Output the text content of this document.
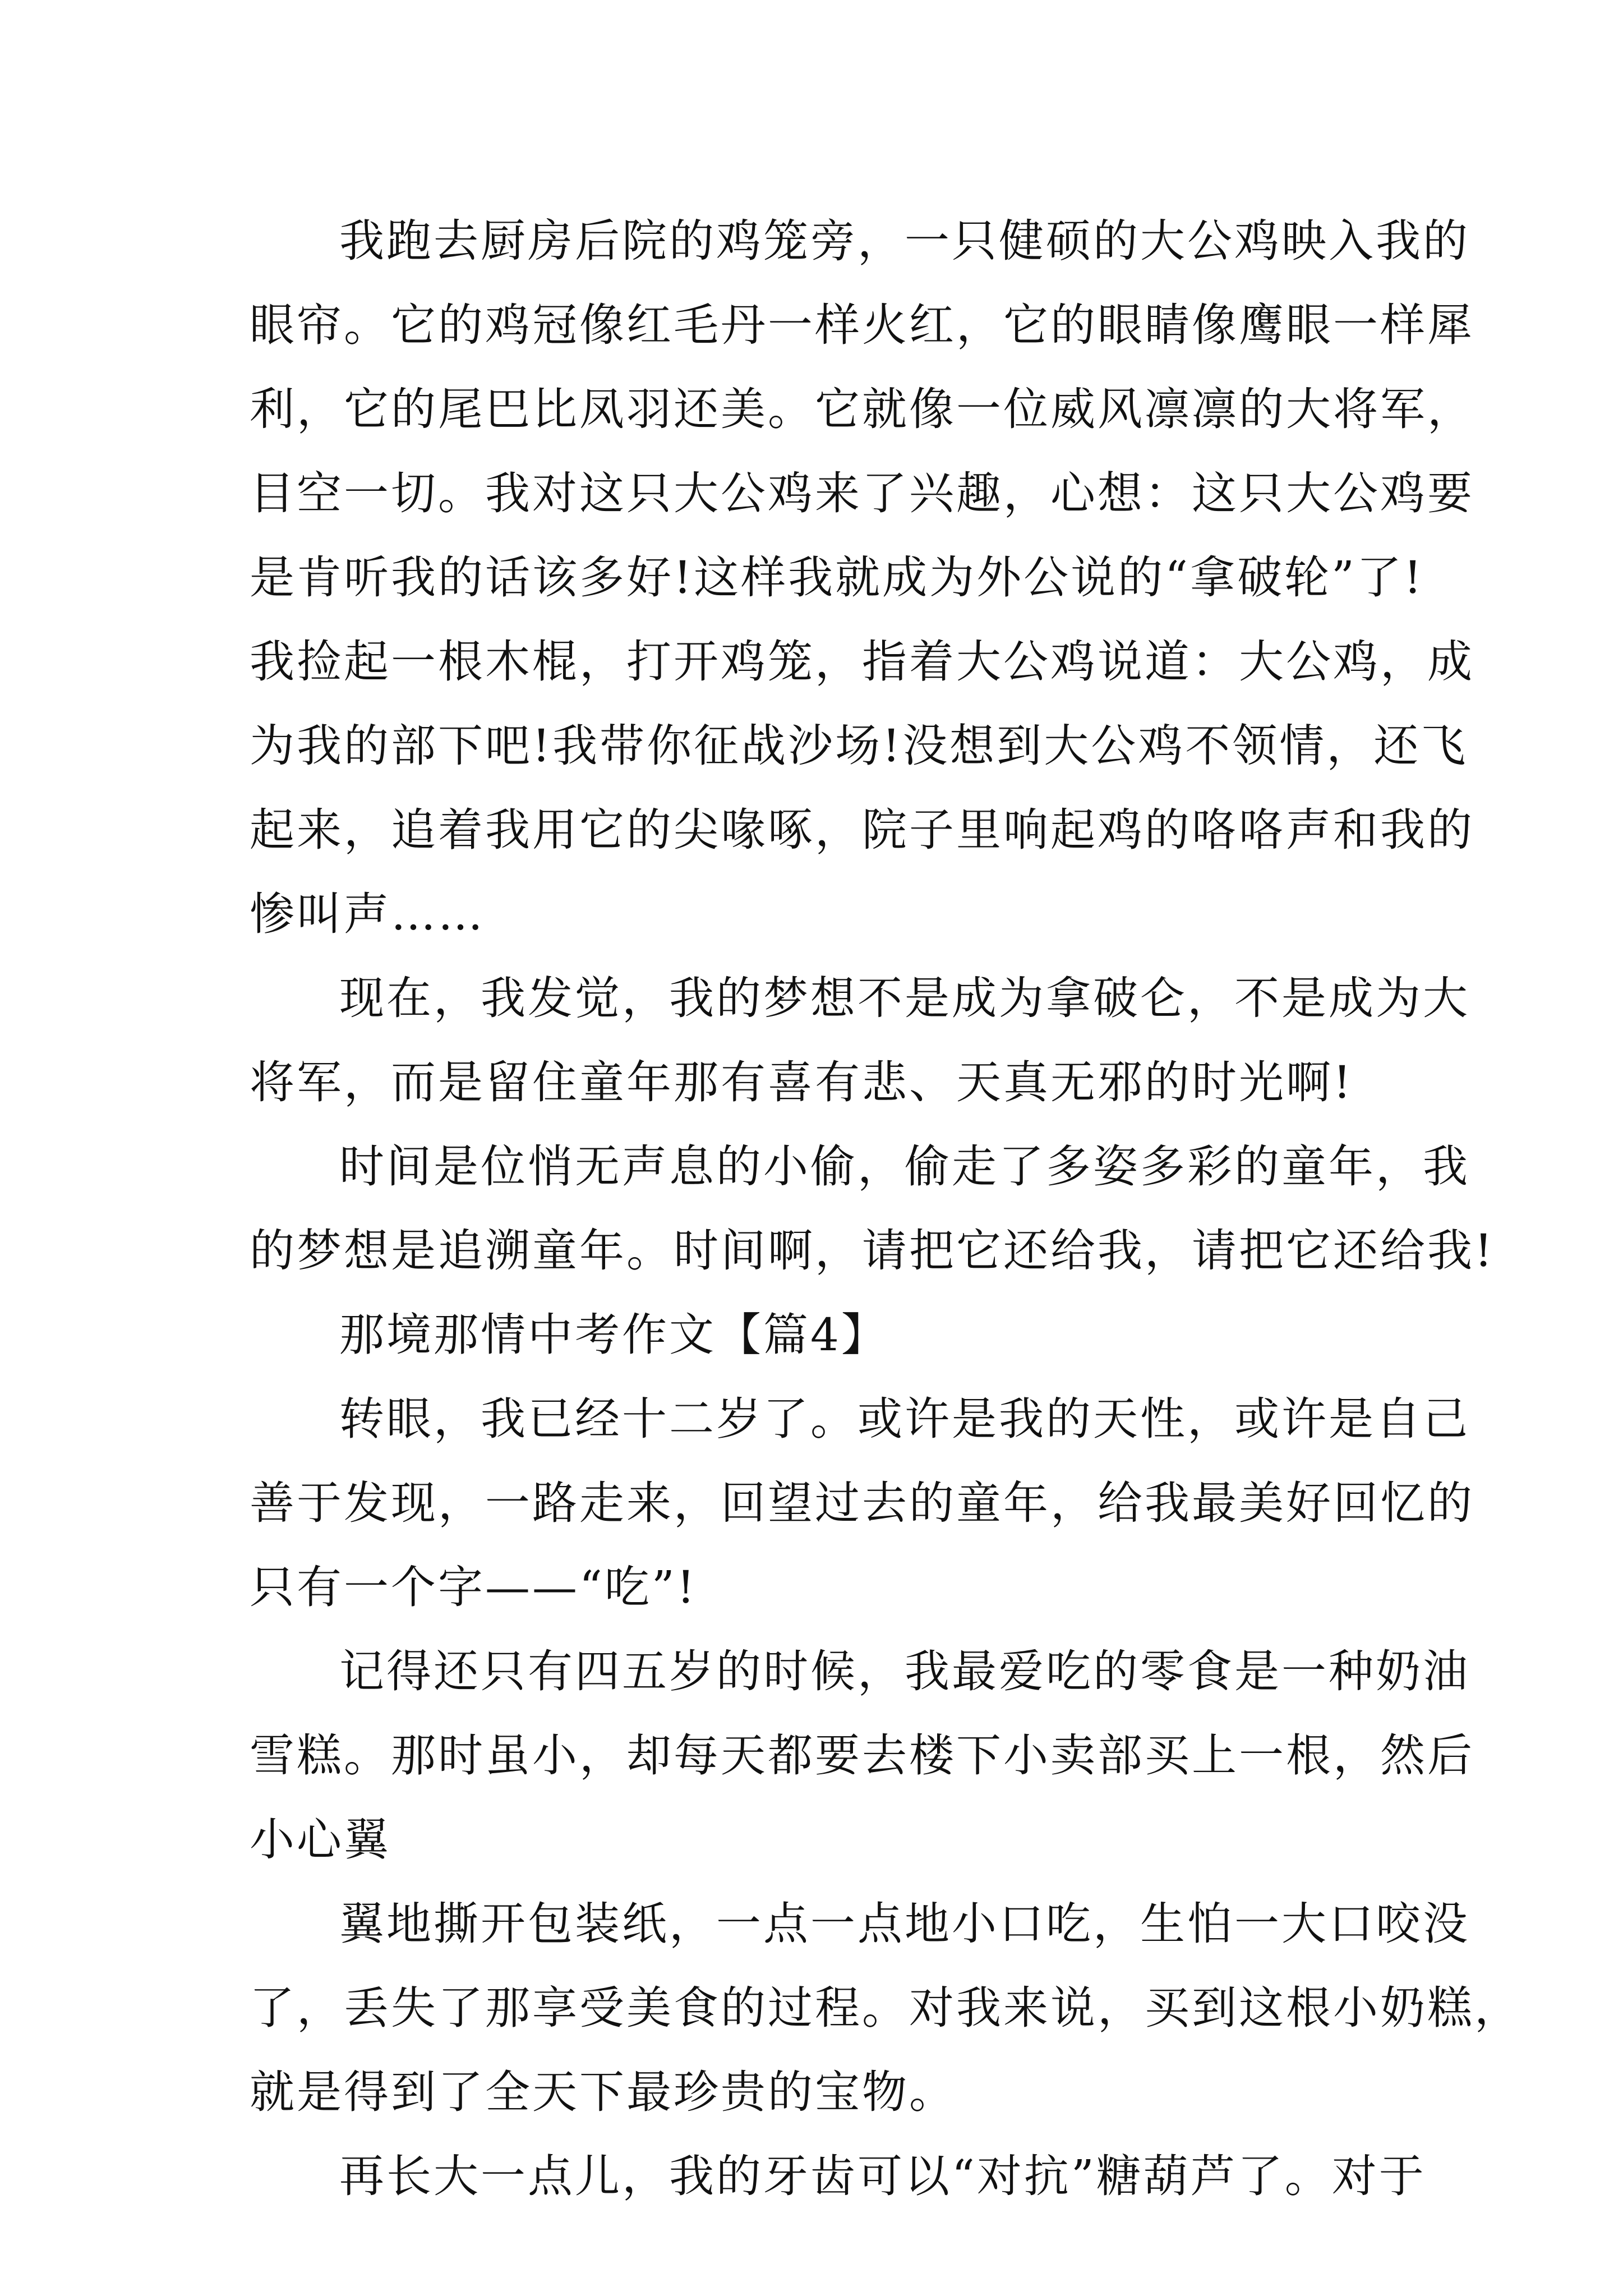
我跑去厨房后院的鸡笼旁，一只健硕的大公鸡映入我的
眼帘。它的鸡冠像红毛丹一样火红，它的眼睛像鹰眼一样犀
利，它的尾巴比凤羽还美。它就像一位威风凛凛的大将军，
目空一切。我对这只大公鸡来了兴趣，心想：这只大公鸡要
是肯听我的话该多好!这样我就成为外公说的“拿破轮”了!
我捡起一根木棍，打开鸡笼，指着大公鸡说道：大公鸡，成
为我的部下吧!我带你征战沙场!没想到大公鸡不领情，还飞
起来，追着我用它的尖喙啄，院子里响起鸡的咯咯声和我的
惨叫声……
现在，我发觉，我的梦想不是成为拿破仑，不是成为大
将军，而是留住童年那有喜有悲、天真无邪的时光啊!
时间是位悄无声息的小偷，偷走了多姿多彩的童年，我
的梦想是追溯童年。时间啊，请把它还给我，请把它还给我!
那境那情中考作文【篇4】
转眼，我已经十二岁了。或许是我的天性，或许是自己
善于发现，一路走来，回望过去的童年，给我最美好回忆的
只有一个字——“吃”!
记得还只有四五岁的时候，我最爱吃的零食是一种奶油
雪糕。那时虽小，却每天都要去楼下小卖部买上一根，然后
小心翼
翼地撕开包装纸，一点一点地小口吃，生怕一大口咬没
了，丢失了那享受美食的过程。对我来说，买到这根小奶糕，
就是得到了全天下最珍贵的宝物。
再长大一点儿，我的牙齿可以“对抗”糖葫芦了。对于
